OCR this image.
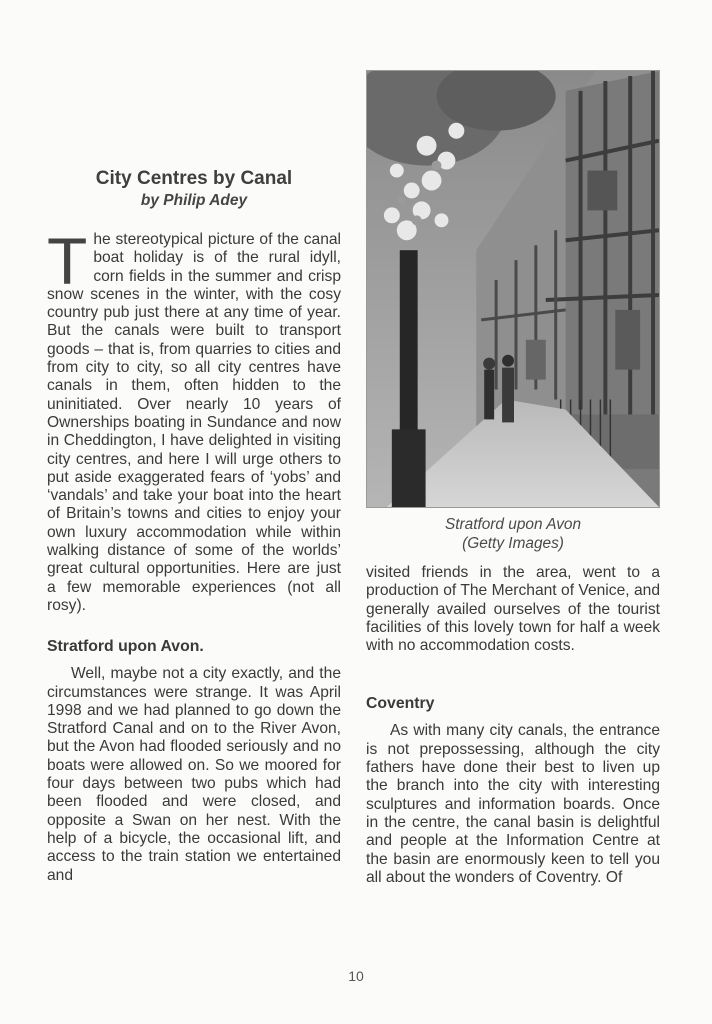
City Centres by Canal
by Philip Adey
The stereotypical picture of the canal boat holiday is of the rural idyll, corn fields in the summer and crisp snow scenes in the winter, with the cosy country pub just there at any time of year. But the canals were built to transport goods – that is, from quarries to cities and from city to city, so all city centres have canals in them, often hidden to the uninitiated. Over nearly 10 years of Ownerships boating in Sundance and now in Cheddington, I have delighted in visiting city centres, and here I will urge others to put aside exaggerated fears of ‘yobs’ and ‘vandals’ and take your boat into the heart of Britain’s towns and cities to enjoy your own luxury accommodation while within walking distance of some of the worlds’ great cultural opportunities. Here are just a few memorable experiences (not all rosy).
Stratford upon Avon.

Well, maybe not a city exactly, and the circumstances were strange. It was April 1998 and we had planned to go down the Stratford Canal and on to the River Avon, but the Avon had flooded seriously and no boats were allowed on. So we moored for four days between two pubs which had been flooded and were closed, and opposite a Swan on her nest. With the help of a bicycle, the occasional lift, and access to the train station we entertained and

Stratford upon Avon
(Getty Images)

visited friends in the area, went to a production of The Merchant of Venice, and generally availed ourselves of the tourist facilities of this lovely town for half a week with no accommodation costs.

Coventry

As with many city canals, the entrance is not prepossessing, although the city fathers have done their best to liven up the branch into the city with interesting sculptures and information boards. Once in the centre, the canal basin is delightful and people at the Information Centre at the basin are enormously keen to tell you all about the wonders of Coventry. Of

10
